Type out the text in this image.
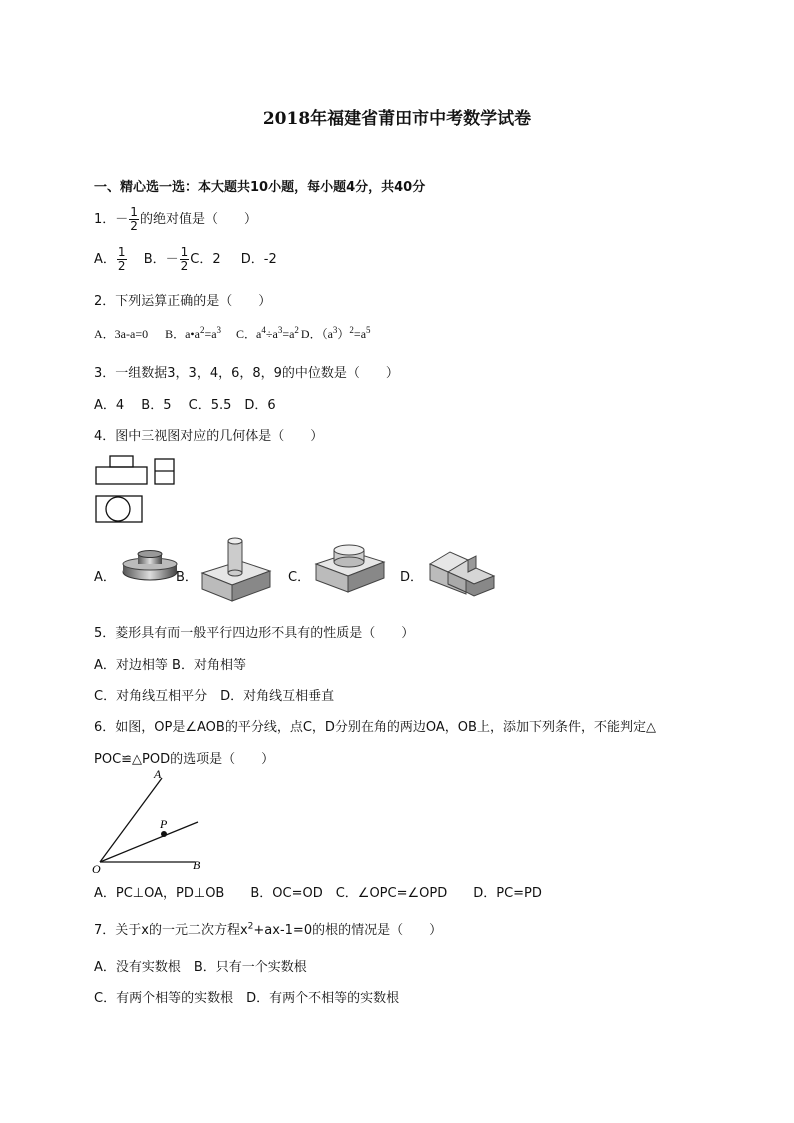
2018年福建省莆田市中考数学试卷
一、精心选一选：本大题共10小题，每小题4分，共40分
1．－ $\frac{1}{2}$ 的绝对值是（　　）
A． $\frac{1}{2}$ B．－ $\frac{1}{2}$ C．2 D．-2
2．下列运算正确的是（　　）
A．3a-a=0 B．$a•a^2=a^3$ C．$a^4\div a^3=a^2$ D．$(a^3)^2=a^5$
3．一组数据3，3，4，6，8，9的中位数是（　　）
A．4　 B．5　 C．5.5　D．6
4．图中三视图对应的几何体是（　　）
A．	B．	C．	D．
5．菱形具有而一般平行四边形不具有的性质是（　　）
A．对边相等 B．对角相等
C．对角线互相平分　D．对角线互相垂直
6．如图，OP是∠AOB的平分线，点C，D分别在角的两边OA，OB上，添加下列条件，不能判定△
POC≌△POD的选项是（　　）
A
P
O	B
A．PC⊥OA，PD⊥OB　　B．OC=OD　C．∠OPC=∠OPD　　D．PC=PD
7．关于x的一元二次方程$x^2+ax-1=0$的根的情况是（　　）
A．没有实数根　B．只有一个实数根
C．有两个相等的实数根　D．有两个不相等的实数根
